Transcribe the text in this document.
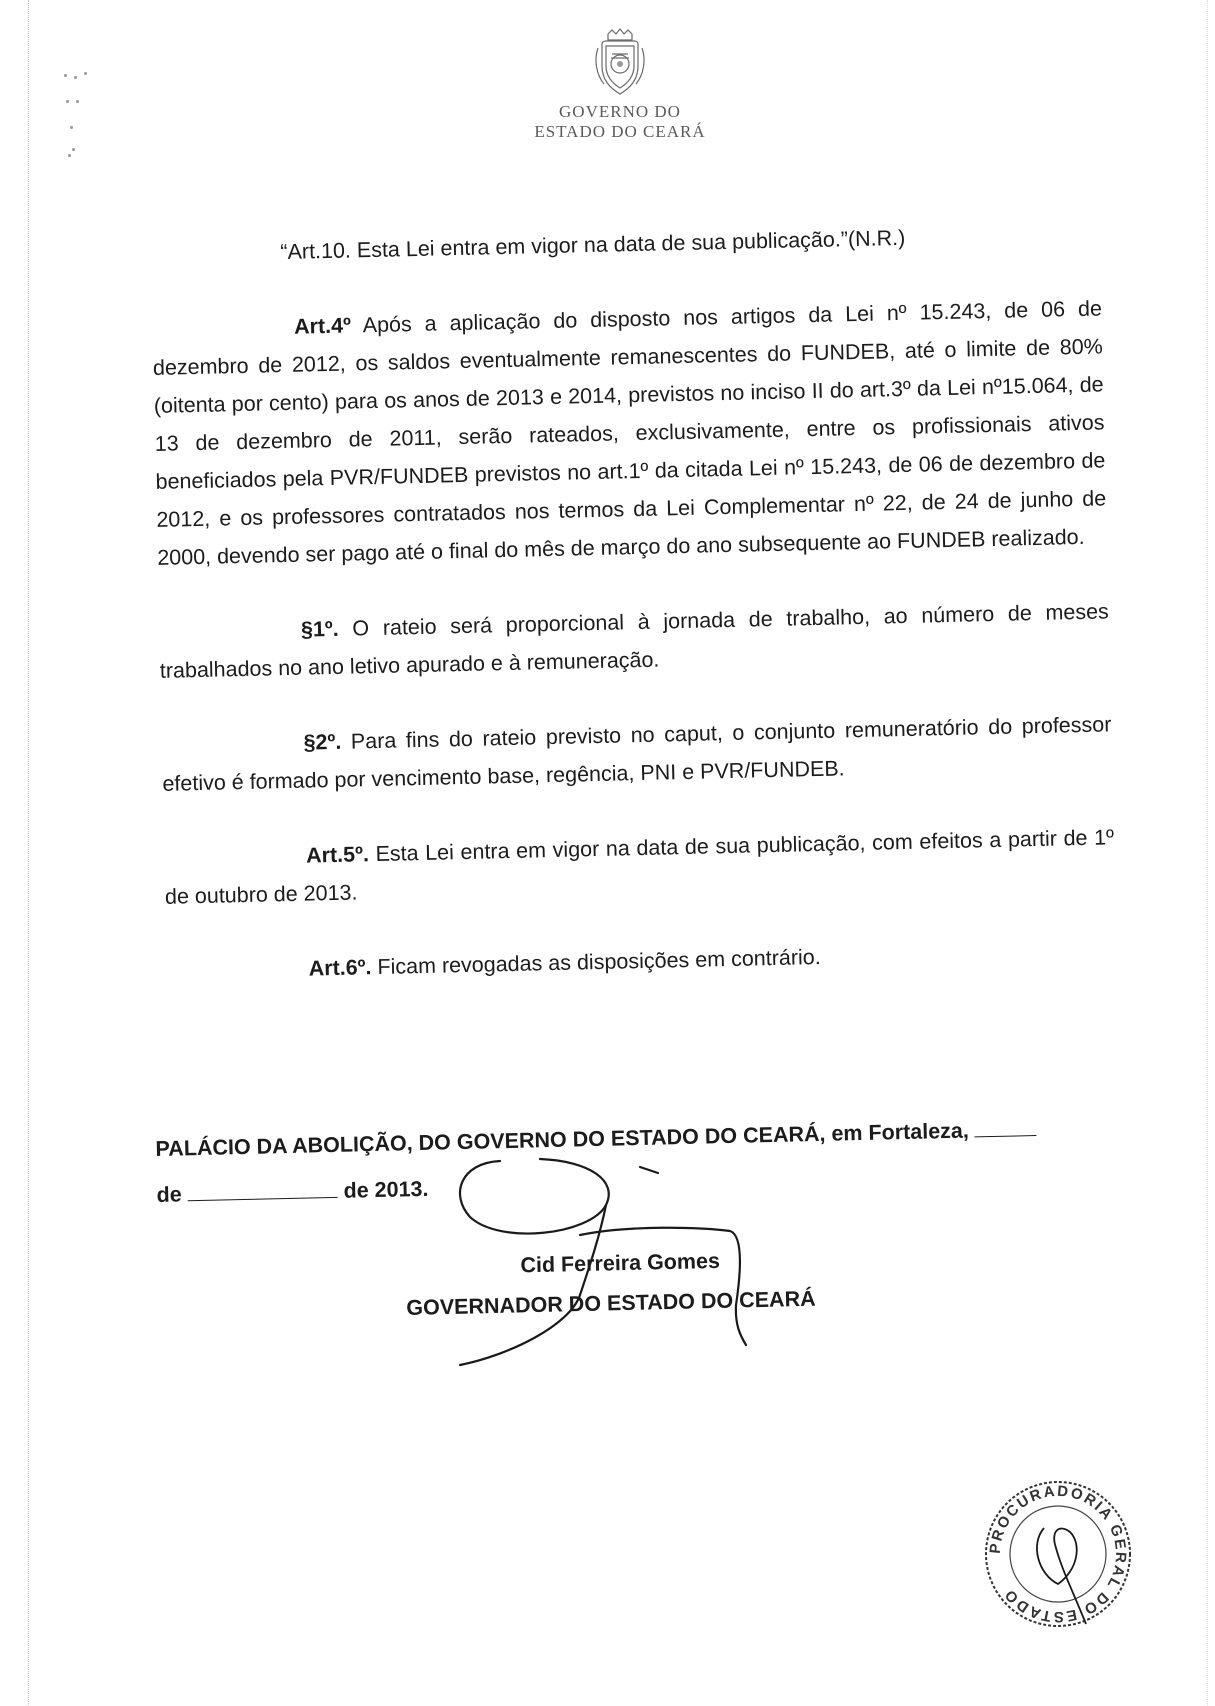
GOVERNO DO
ESTADO DO CEARÁ

“Art.10. Esta Lei entra em vigor na data de sua publicação.”(N.R.)

Art.4º Após a aplicação do disposto nos artigos da Lei nº 15.243, de 06 de dezembro de 2012, os saldos eventualmente remanescentes do FUNDEB, até o limite de 80% (oitenta por cento) para os anos de 2013 e 2014, previstos no inciso II do art.3º da Lei nº15.064, de 13 de dezembro de 2011, serão rateados, exclusivamente, entre os profissionais ativos beneficiados pela PVR/FUNDEB previstos no art.1º da citada Lei nº 15.243, de 06 de dezembro de 2012, e os professores contratados nos termos da Lei Complementar nº 22, de 24 de junho de 2000, devendo ser pago até o final do mês de março do ano subsequente ao FUNDEB realizado.

§1º. O rateio será proporcional à jornada de trabalho, ao número de meses trabalhados no ano letivo apurado e à remuneração.

§2º. Para fins do rateio previsto no caput, o conjunto remuneratório do professor efetivo é formado por vencimento base, regência, PNI e PVR/FUNDEB.

Art.5º. Esta Lei entra em vigor na data de sua publicação, com efeitos a partir de 1º de outubro de 2013.

Art.6º. Ficam revogadas as disposições em contrário.

PALÁCIO DA ABOLIÇÃO, DO GOVERNO DO ESTADO DO CEARÁ, em Fortaleza,

de	de 2013.

Cid Ferreira Gomes
GOVERNADOR DO ESTADO DO CEARÁ
PROCURADORIA GERAL DO ESTADO
